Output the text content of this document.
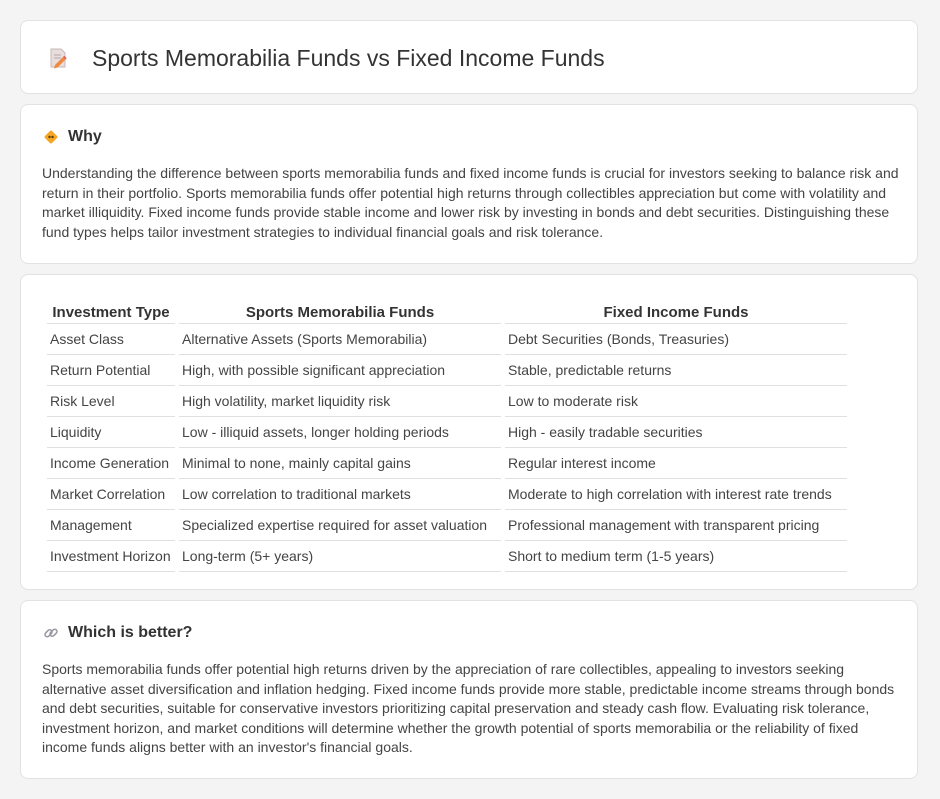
Sports Memorabilia Funds vs Fixed Income Funds
Why

Understanding the difference between sports memorabilia funds and fixed income funds is crucial for investors seeking to balance risk and return in their portfolio. Sports memorabilia funds offer potential high returns through collectibles appreciation but come with volatility and market illiquidity. Fixed income funds provide stable income and lower risk by investing in bonds and debt securities. Distinguishing these fund types helps tailor investment strategies to individual financial goals and risk tolerance.

Investment Type	Sports Memorabilia Funds	Fixed Income Funds
Asset Class	Alternative Assets (Sports Memorabilia)	Debt Securities (Bonds, Treasuries)
Return Potential	High, with possible significant appreciation	Stable, predictable returns
Risk Level	High volatility, market liquidity risk	Low to moderate risk
Liquidity	Low - illiquid assets, longer holding periods	High - easily tradable securities
Income Generation	Minimal to none, mainly capital gains	Regular interest income
Market Correlation	Low correlation to traditional markets	Moderate to high correlation with interest rate trends
Management	Specialized expertise required for asset valuation	Professional management with transparent pricing
Investment Horizon	Long-term (5+ years)	Short to medium term (1-5 years)
Which is better?

Sports memorabilia funds offer potential high returns driven by the appreciation of rare collectibles, appealing to investors seeking alternative asset diversification and inflation hedging. Fixed income funds provide more stable, predictable income streams through bonds and debt securities, suitable for conservative investors prioritizing capital preservation and steady cash flow. Evaluating risk tolerance, investment horizon, and market conditions will determine whether the growth potential of sports memorabilia or the reliability of fixed income funds aligns better with an investor's financial goals.
